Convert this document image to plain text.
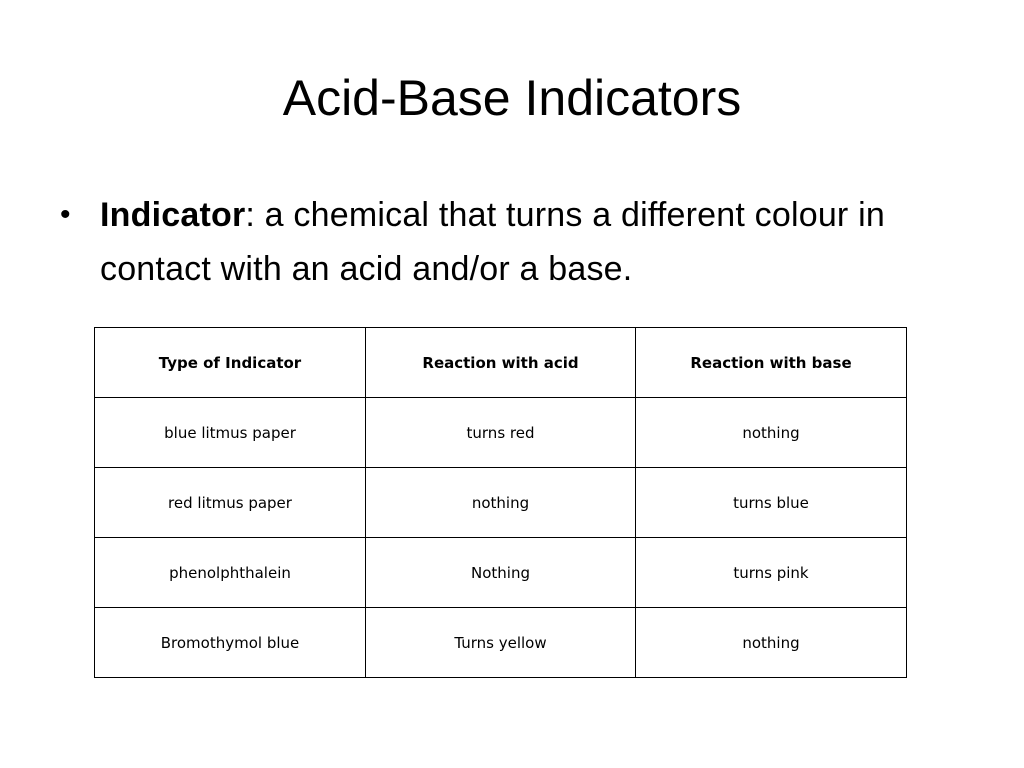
Acid-Base Indicators
• Indicator: a chemical that turns a different colour in contact with an acid and/or a base.
Type of Indicator	Reaction with acid	Reaction with base
blue litmus paper	turns red	nothing
red litmus paper	nothing	turns blue
phenolphthalein	Nothing	turns pink
Bromothymol blue	Turns yellow	nothing
